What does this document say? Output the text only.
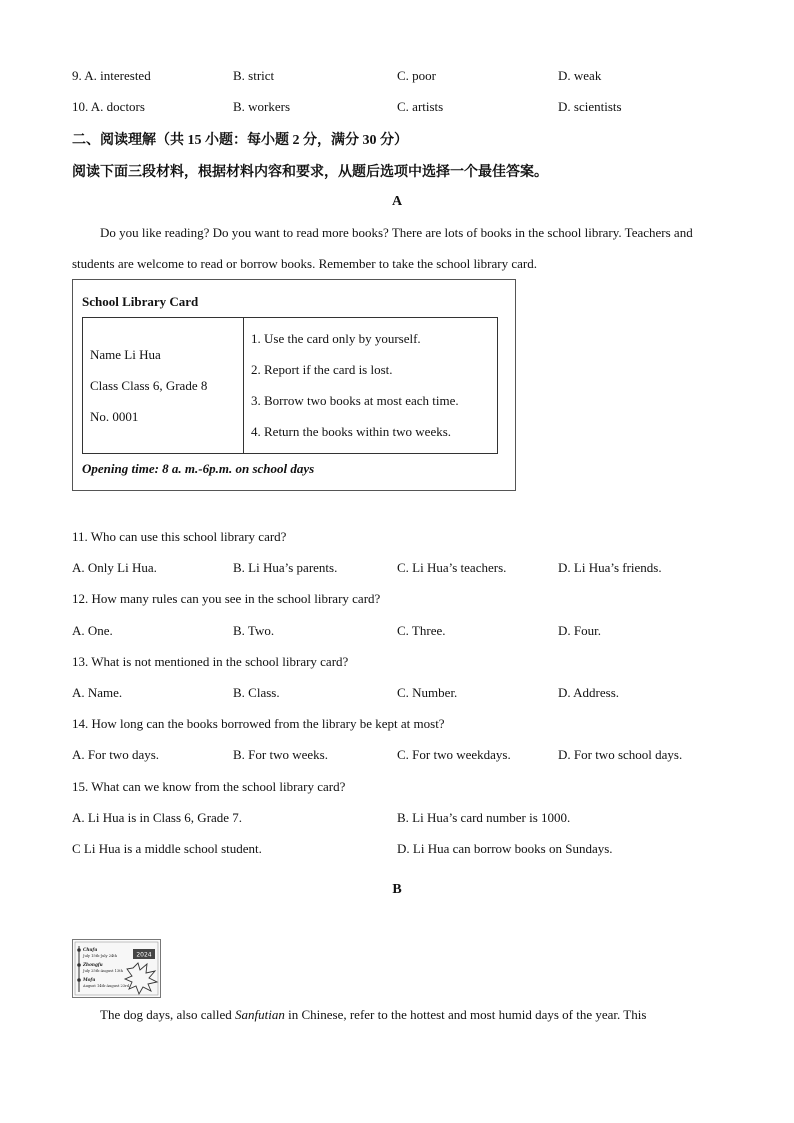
9. A. interested	B. strict	C. poor	D. weak
10. A. doctors	B. workers	C. artists	D. scientists
二、阅读理解（共 15 小题：每小题 2 分，满分 30 分）
阅读下面三段材料，根据材料内容和要求，从题后选项中选择一个最佳答案。
A
Do you like reading? Do you want to read more books? There are lots of books in the school library. Teachers and students are welcome to read or borrow books. Remember to take the school library card.
School Library Card
Name Li Hua
Class Class 6, Grade 8
No. 0001
1. Use the card only by yourself.
2. Report if the card is lost.
3. Borrow two books at most each time.
4. Return the books within two weeks.
Opening time: 8 a. m.-6p.m. on school days
11. Who can use this school library card?
A. Only Li Hua.	B. Li Hua’s parents.	C. Li Hua’s teachers.	D. Li Hua’s friends.
12. How many rules can you see in the school library card?
A. One.	B. Two.	C. Three.	D. Four.
13. What is not mentioned in the school library card?
A. Name.	B. Class.	C. Number.	D. Address.
14. How long can the books borrowed from the library be kept at most?
A. For two days.	B. For two weeks.	C. For two weekdays.	D. For two school days.
15. What can we know from the school library card?
A. Li Hua is in Class 6, Grade 7.	B. Li Hua’s card number is 1000.
C Li Hua is a middle school student.	D. Li Hua can borrow books on Sundays.
B
2024
Chufu
July 15th-July 24th
Zhongfu
July 25th-August 13th
Mofu
August 14th-August 23rd
The dog days, also called Sanfutian in Chinese, refer to the hottest and most humid days of the year. This
